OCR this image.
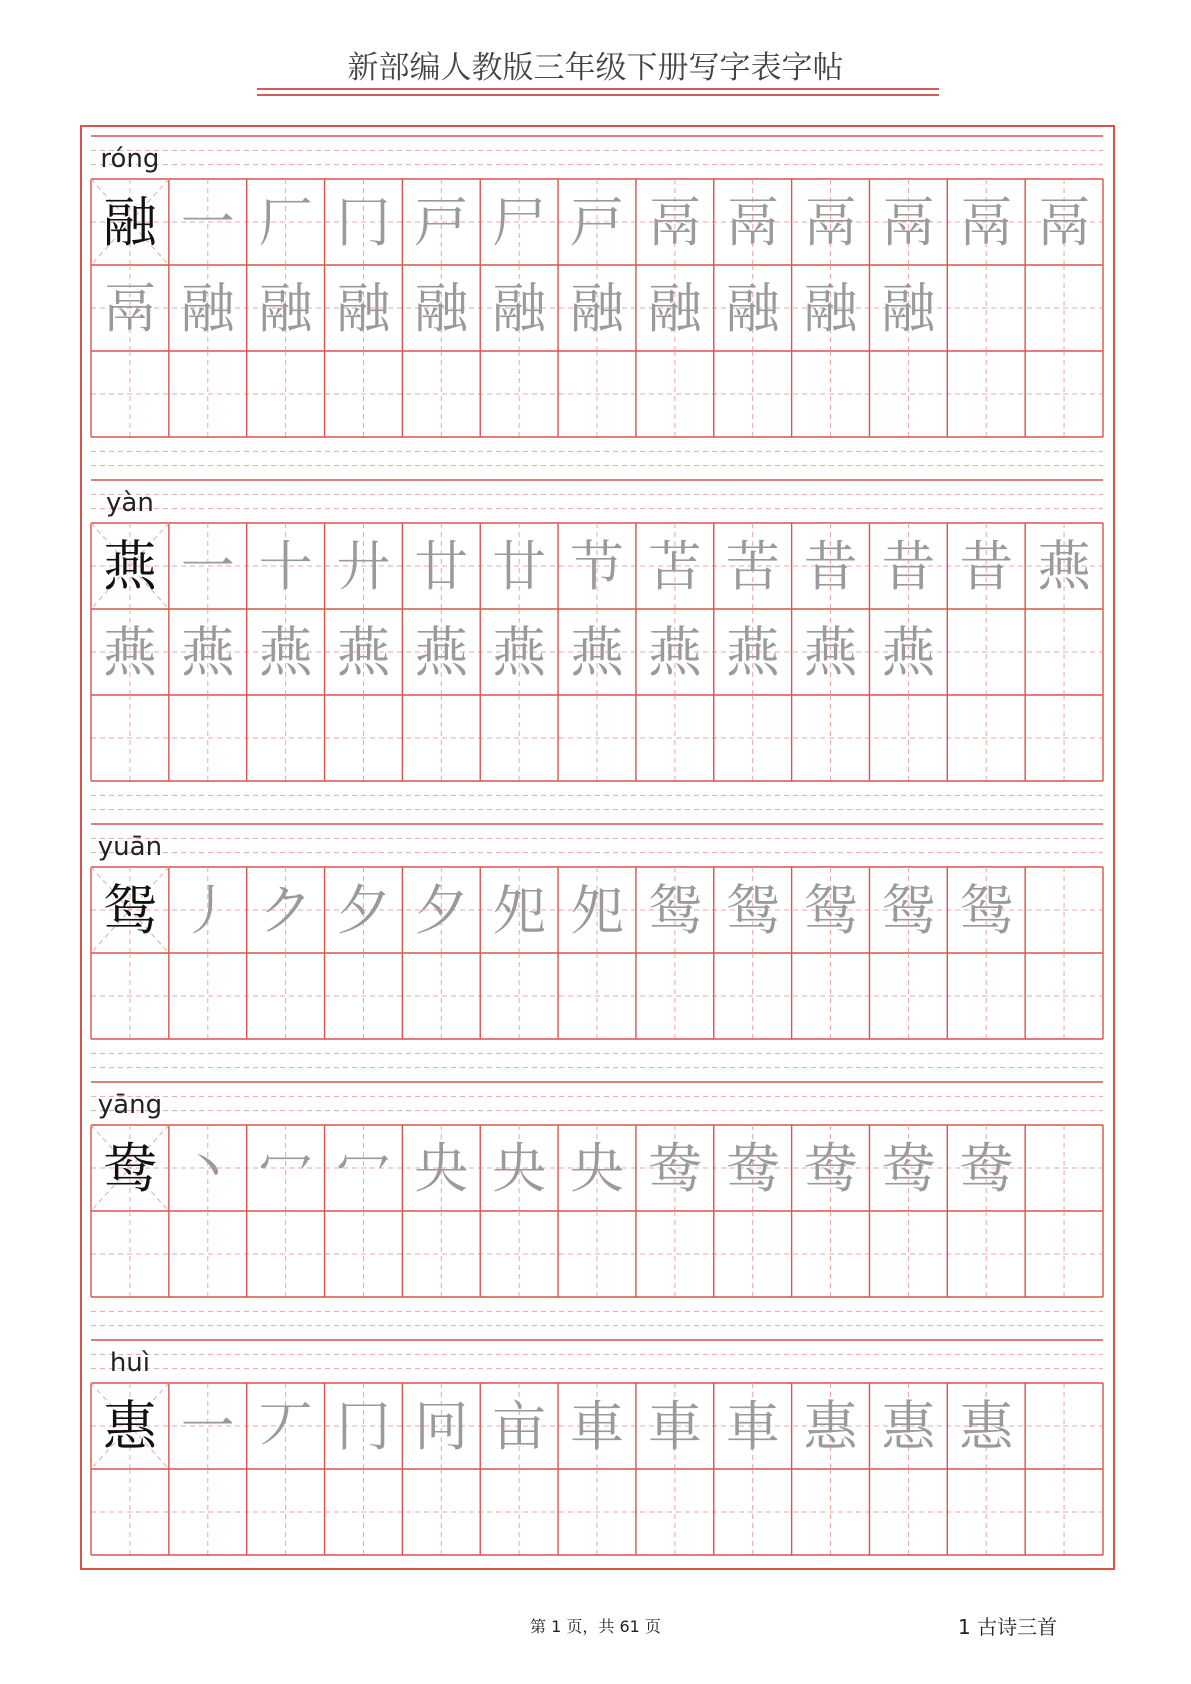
新部编人教版三年级下册写字表字帖
róng
融 一 厂 冂 戸 尸 戸 鬲 鬲 鬲 鬲 鬲 鬲
鬲 融 融 融 融 融 融 融 融 融 融
yàn
燕 一 十 廾 廿 廿 节 苫 苦 昔 昔 昔 燕
燕 燕 燕 燕 燕 燕 燕 燕 燕 燕 燕
yuān
鸳 丿 ク 夕 夕 夗 夗 鸳 鸳 鸳 鸳 鸳
yāng
鸯 丶 冖 冖 央 央 央 鸯 鸯 鸯 鸯 鸯
huì
惠 一 丆 冂 冋 亩 車 車 車 惠 惠 惠
第 1 页，共 61 页	1 古诗三首
